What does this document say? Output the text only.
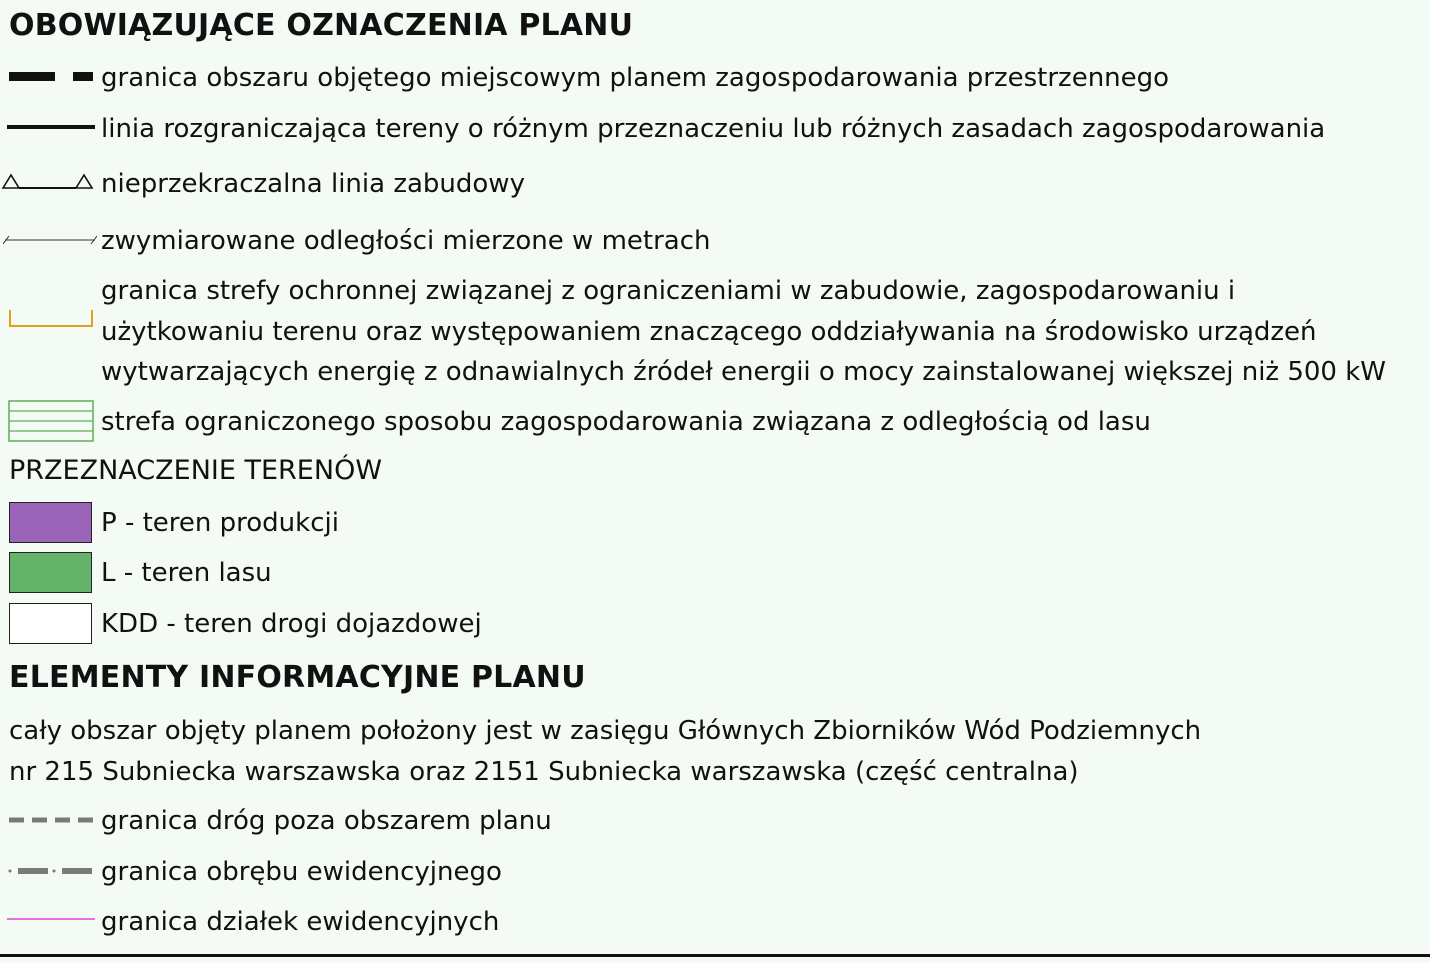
OBOWIĄZUJĄCE OZNACZENIA PLANU
granica obszaru objętego miejscowym planem zagospodarowania przestrzennego
linia rozgraniczająca tereny o różnym przeznaczeniu lub różnych zasadach zagospodarowania
nieprzekraczalna linia zabudowy
zwymiarowane odległości mierzone w metrach
granica strefy ochronnej związanej z ograniczeniami w zabudowie, zagospodarowaniu i
użytkowaniu terenu oraz występowaniem znaczącego oddziaływania na środowisko urządzeń
wytwarzających energię z odnawialnych źródeł energii o mocy zainstalowanej większej niż 500 kW
strefa ograniczonego sposobu zagospodarowania związana z odległością od lasu
PRZEZNACZENIE TERENÓW
P - teren produkcji
L - teren lasu
KDD - teren drogi dojazdowej
ELEMENTY INFORMACYJNE PLANU
cały obszar objęty planem położony jest w zasięgu Głównych Zbiorników Wód Podziemnych
nr 215 Subniecka warszawska oraz 2151 Subniecka warszawska (część centralna)
granica dróg poza obszarem planu
granica obrębu ewidencyjnego
granica działek ewidencyjnych
